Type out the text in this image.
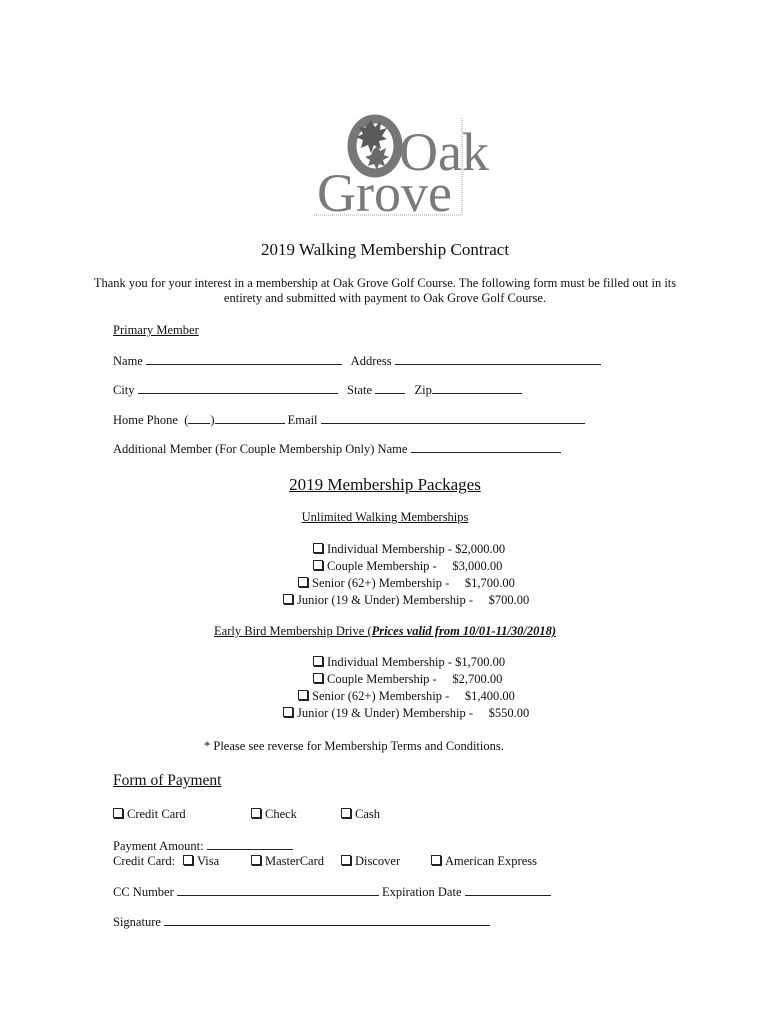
Oak
Grove
2019 Walking Membership Contract
Thank you for your interest in a membership at Oak Grove Golf Course. The following form must be filled out in its
entirety and submitted with payment to Oak Grove Golf Course.
Primary Member
Name	Address
City	State	Zip
Home Phone ( )	Email
Additional Member (For Couple Membership Only) Name
2019 Membership Packages
Unlimited Walking Memberships
Individual Membership - $2,000.00
Couple Membership -     $3,000.00
Senior (62+) Membership -     $1,700.00
Junior (19 & Under) Membership -     $700.00
Early Bird Membership Drive (Prices valid from 10/01-11/30/2018)
Individual Membership - $1,700.00
Couple Membership -     $2,700.00
Senior (62+) Membership -     $1,400.00
Junior (19 & Under) Membership -     $550.00
* Please see reverse for Membership Terms and Conditions.
Form of Payment
Credit Card	Check	Cash
Payment Amount:
Credit Card:	Visa	MasterCard	Discover	American Express
CC Number	Expiration Date
Signature
